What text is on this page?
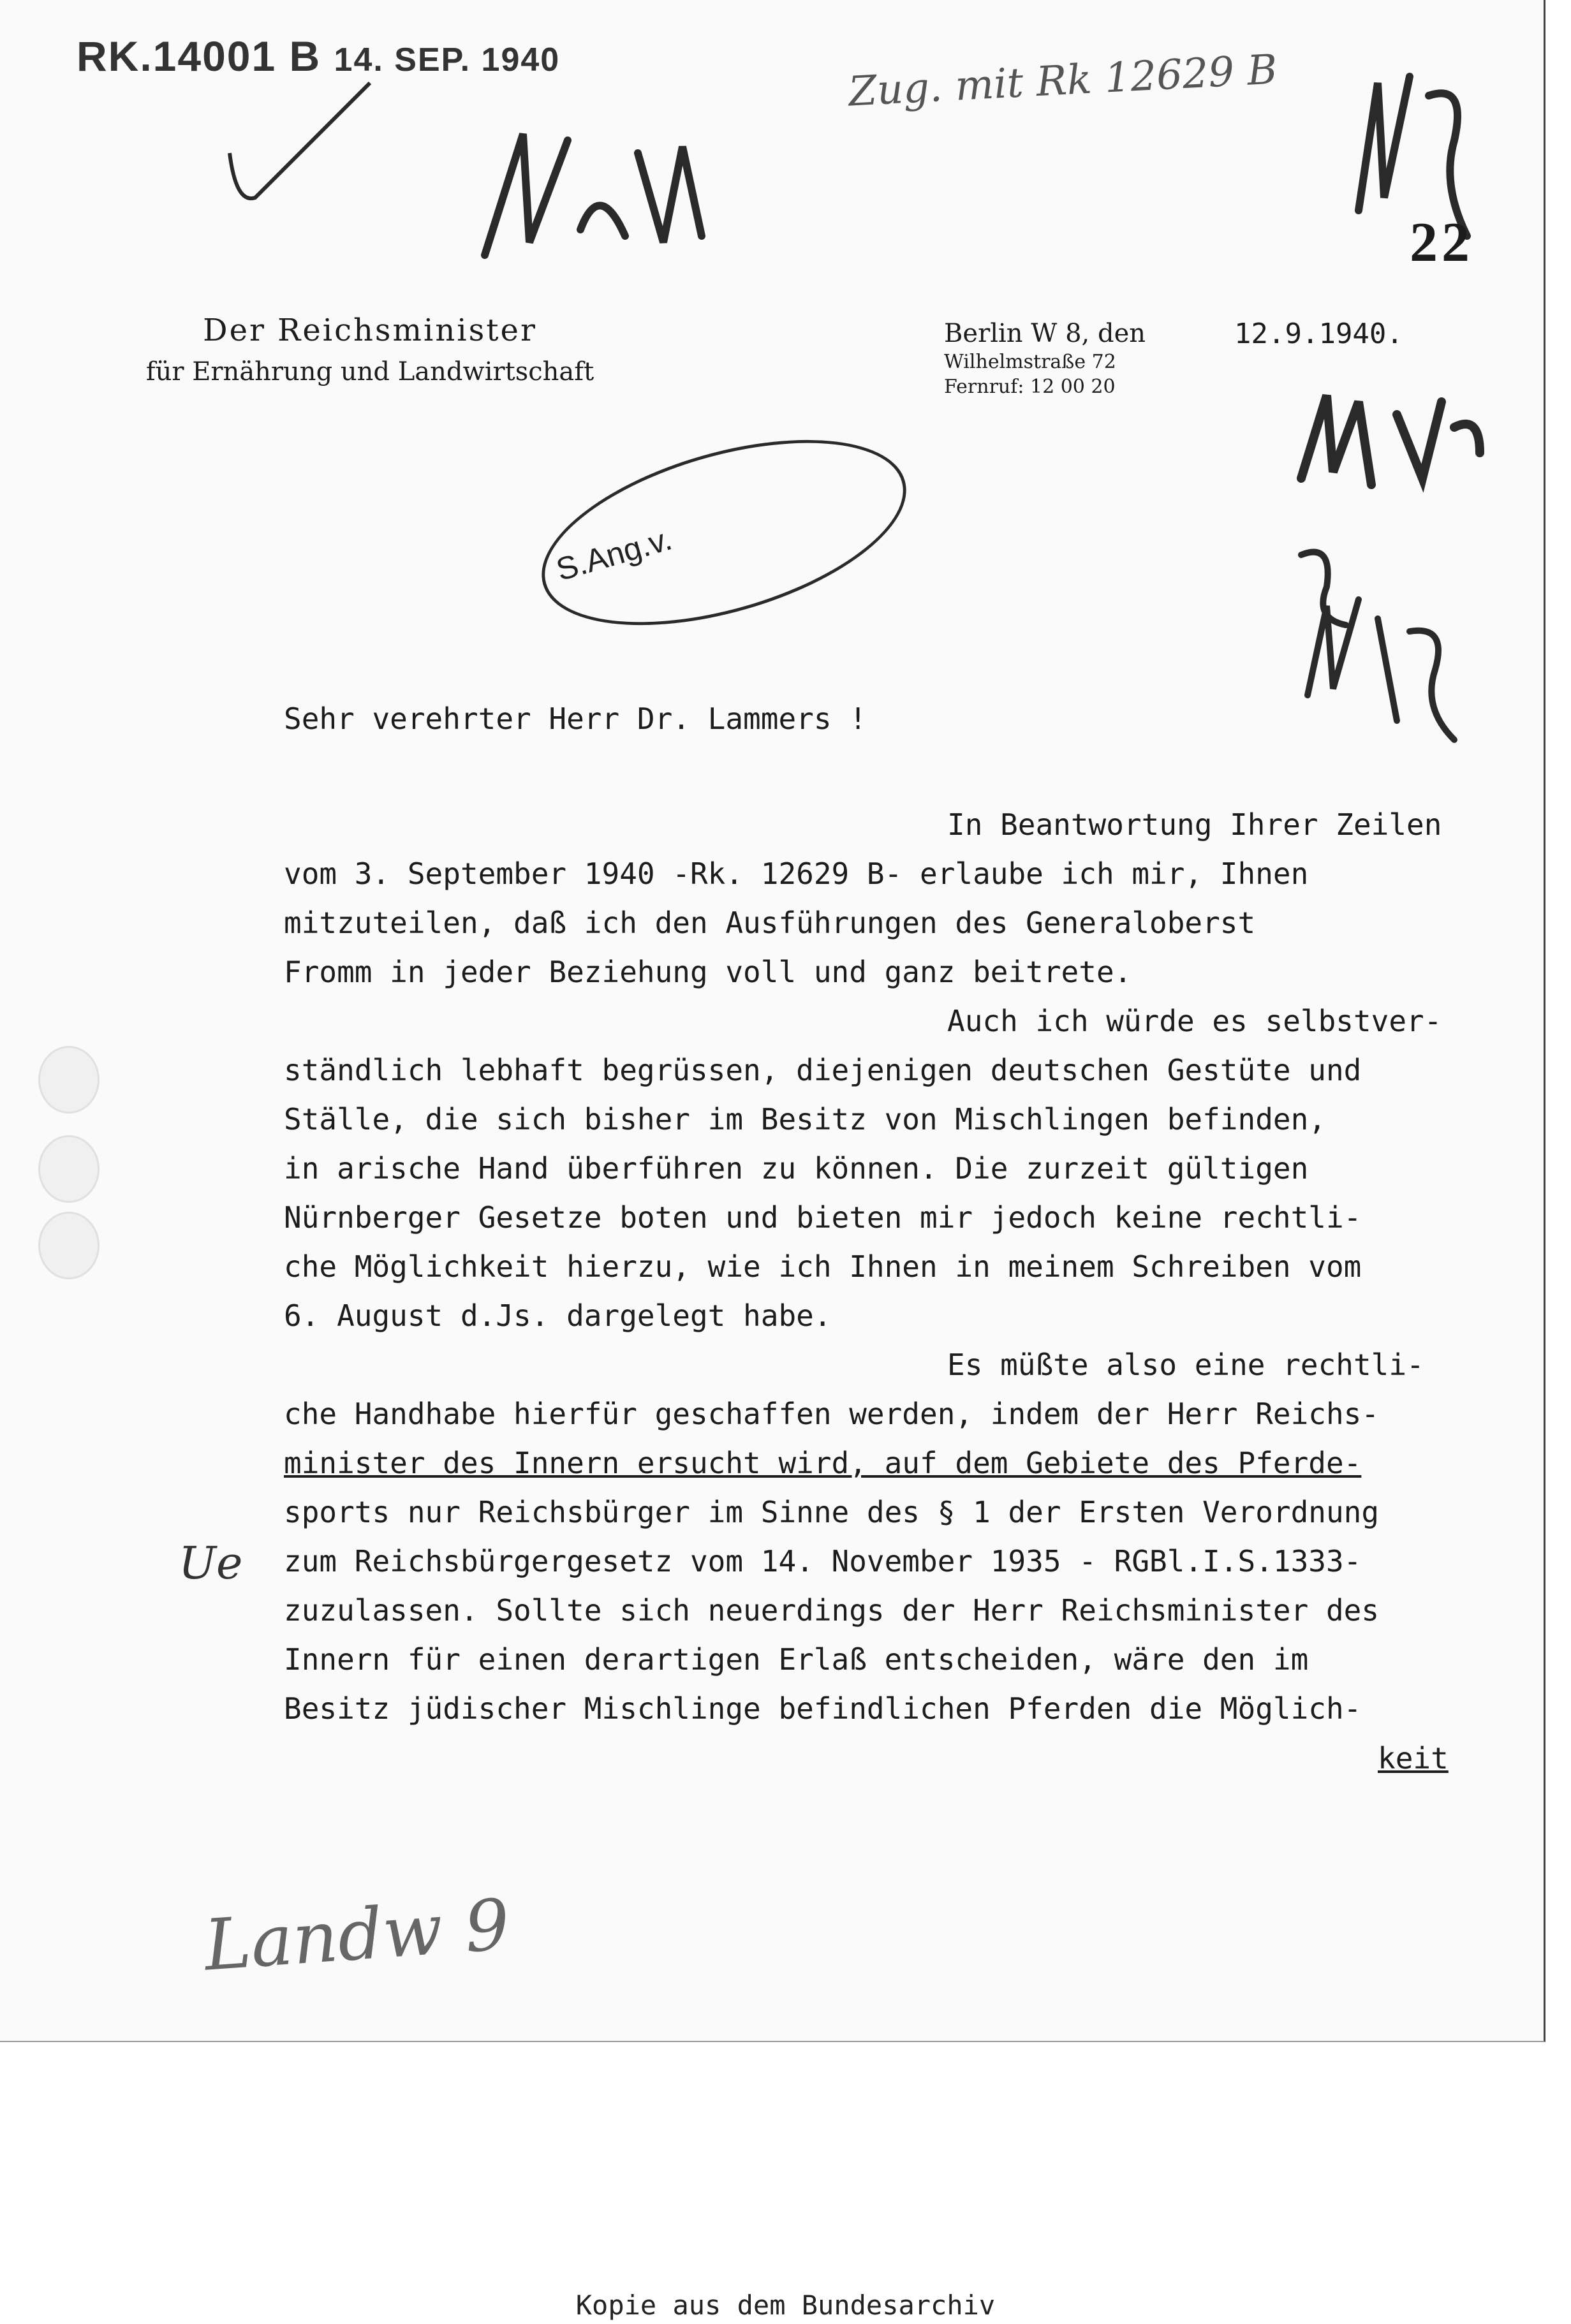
RK.14001 B 14. SEP. 1940	Zug. mit Rk 12629 B
22
Der Reichsminister
für Ernährung und Landwirtschaft
Berlin W 8, den
Wilhelmstraße 72
Fernruf: 12 00 20
12.9.1940.
S.Ang.v.
Sehr verehrter Herr Dr. Lammers !
In Beantwortung Ihrer Zeilen
vom 3. September 1940 -Rk. 12629 B- erlaube ich mir, Ihnen
mitzuteilen, daß ich den Ausführungen des Generaloberst
Fromm in jeder Beziehung voll und ganz beitrete.
Auch ich würde es selbstver-
ständlich lebhaft begrüssen, diejenigen deutschen Gestüte und
Ställe, die sich bisher im Besitz von Mischlingen befinden,
in arische Hand überführen zu können. Die zurzeit gültigen
Nürnberger Gesetze boten und bieten mir jedoch keine rechtli-
che Möglichkeit hierzu, wie ich Ihnen in meinem Schreiben vom
6. August d.Js. dargelegt habe.
Es müßte also eine rechtli-
che Handhabe hierfür geschaffen werden, indem der Herr Reichs-
minister des Innern ersucht wird, auf dem Gebiete des Pferde-
sports nur Reichsbürger im Sinne des § 1 der Ersten Verordnung
zum Reichsbürgergesetz vom 14. November 1935 - RGBl.I.S.1333-
zuzulassen. Sollte sich neuerdings der Herr Reichsminister des
Innern für einen derartigen Erlaß entscheiden, wäre den im
Besitz jüdischer Mischlinge befindlichen Pferden die Möglich-
keit
Ue
Landw 9
Kopie aus dem Bundesarchiv
